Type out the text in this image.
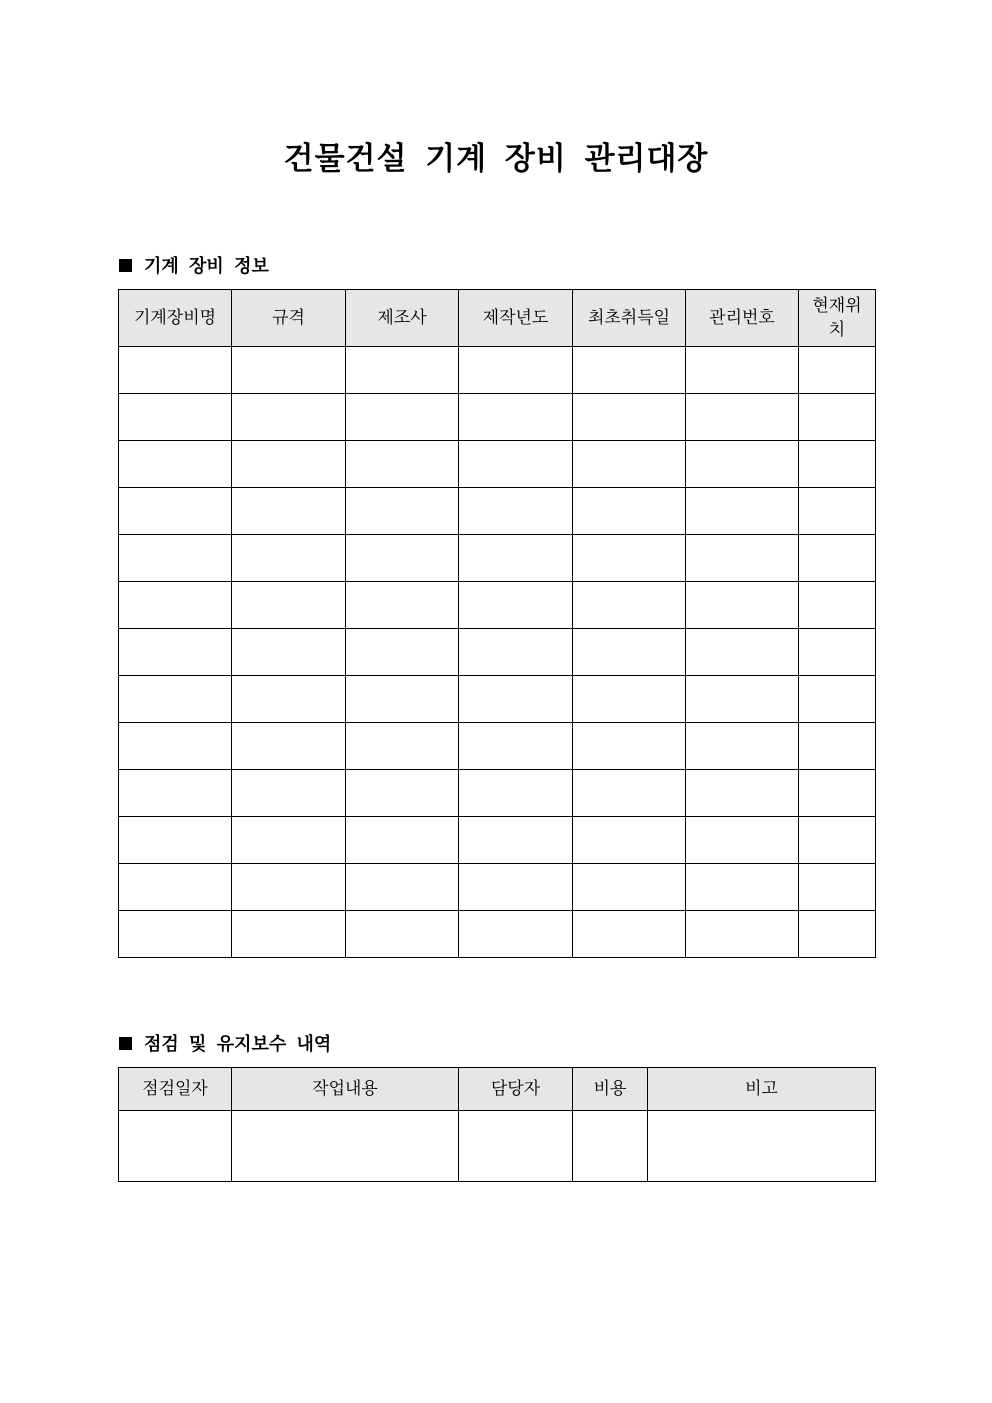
건물건설 기계 장비 관리대장
기계 장비 정보
기계장비명	규격	제조사	제작년도	최초취득일	관리번호	현재위치

점검 및 유지보수 내역
점검일자	작업내용	담당자	비용	비고
